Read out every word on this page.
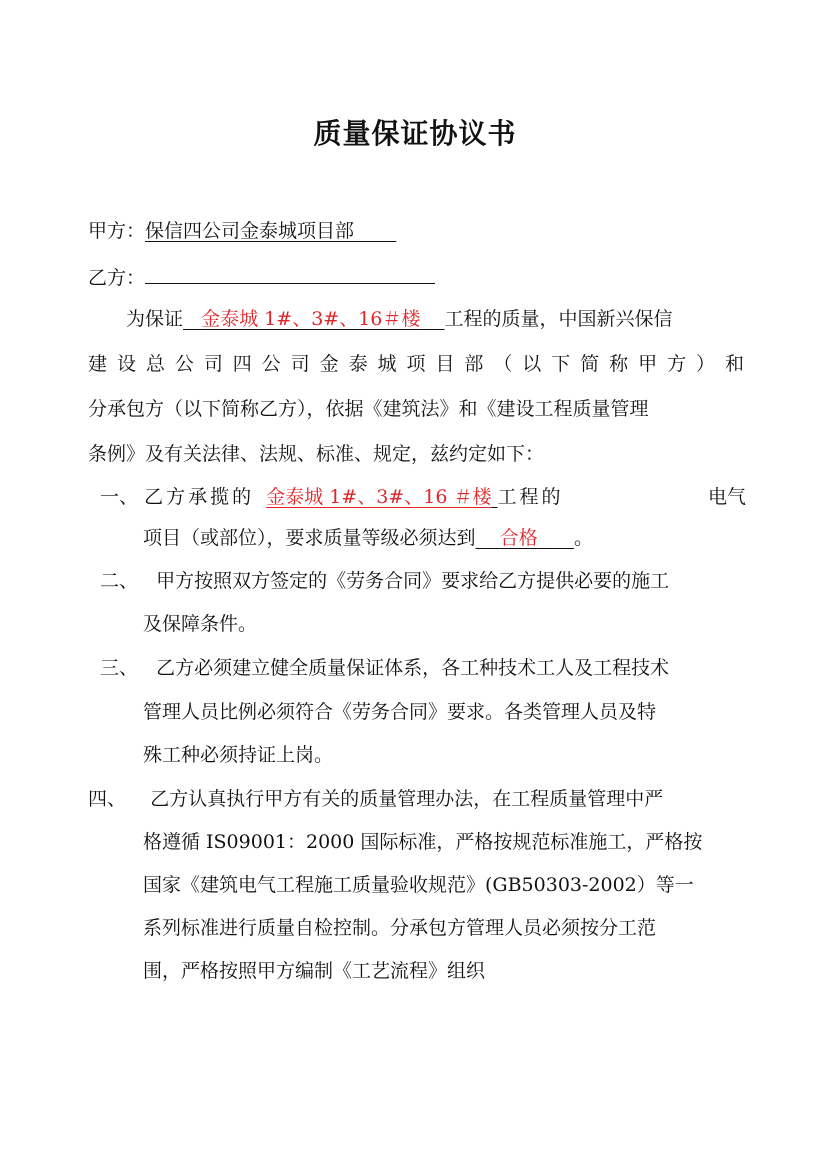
质量保证协议书
甲方：保信四公司金泰城项目部
乙方：
为保证 金泰城 1#、3#、16＃楼 工程的质量，中国新兴保信
建设总公司四公司金泰城项目部（以下简称甲方）和
分承包方（以下简称乙方），依据《建筑法》和《建设工程质量管理
条例》及有关法律、法规、标准、规定，兹约定如下：
一、 乙方承揽的 金泰城 1#、3#、16 ＃楼 工程的	电气
项目（或部位），要求质量等级必须达到 合格 。
二、 甲方按照双方签定的《劳务合同》要求给乙方提供必要的施工
及保障条件。
三、 乙方必须建立健全质量保证体系，各工种技术工人及工程技术
管理人员比例必须符合《劳务合同》要求。各类管理人员及特
殊工种必须持证上岗。
四、 乙方认真执行甲方有关的质量管理办法，在工程质量管理中严
格遵循 IS09001：2000 国际标准，严格按规范标准施工，严格按
国家《建筑电气工程施工质量验收规范》(GB50303-2002）等一
系列标准进行质量自检控制。分承包方管理人员必须按分工范
围，严格按照甲方编制《工艺流程》组织
